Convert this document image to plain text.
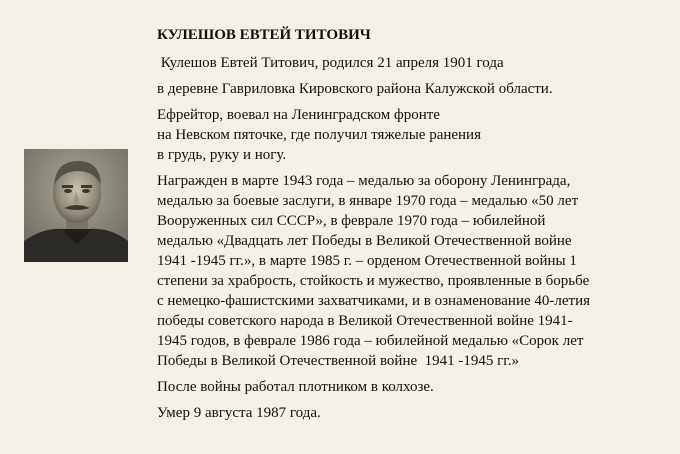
КУЛЕШОВ ЕВТЕЙ ТИТОВИЧ
Кулешов Евтей Титович, родился 21 апреля 1901 года
в деревне Гавриловка Кировского района Калужской области.
Ефрейтор, воевал на Ленинградском фронте
на Невском пяточке, где получил тяжелые ранения
в грудь, руку и ногу.
Награжден в марте 1943 года – медалью за оборону Ленинграда,
медалью за боевые заслуги, в январе 1970 года – медалью «50 лет
Вооруженных сил СССР», в феврале 1970 года – юбилейной
медалью «Двадцать лет Победы в Великой Отечественной войне
1941 -1945 гг.», в марте 1985 г. – орденом Отечественной войны 1
степени за храбрость, стойкость и мужество, проявленные в борьбе
с немецко-фашистскими захватчиками, и в ознаменование 40-летия
победы советского народа в Великой Отечественной войне 1941-
1945 годов, в феврале 1986 года – юбилейной медалью «Сорок лет
Победы в Великой Отечественной войне  1941 -1945 гг.»
После войны работал плотником в колхозе.
Умер 9 августа 1987 года.
